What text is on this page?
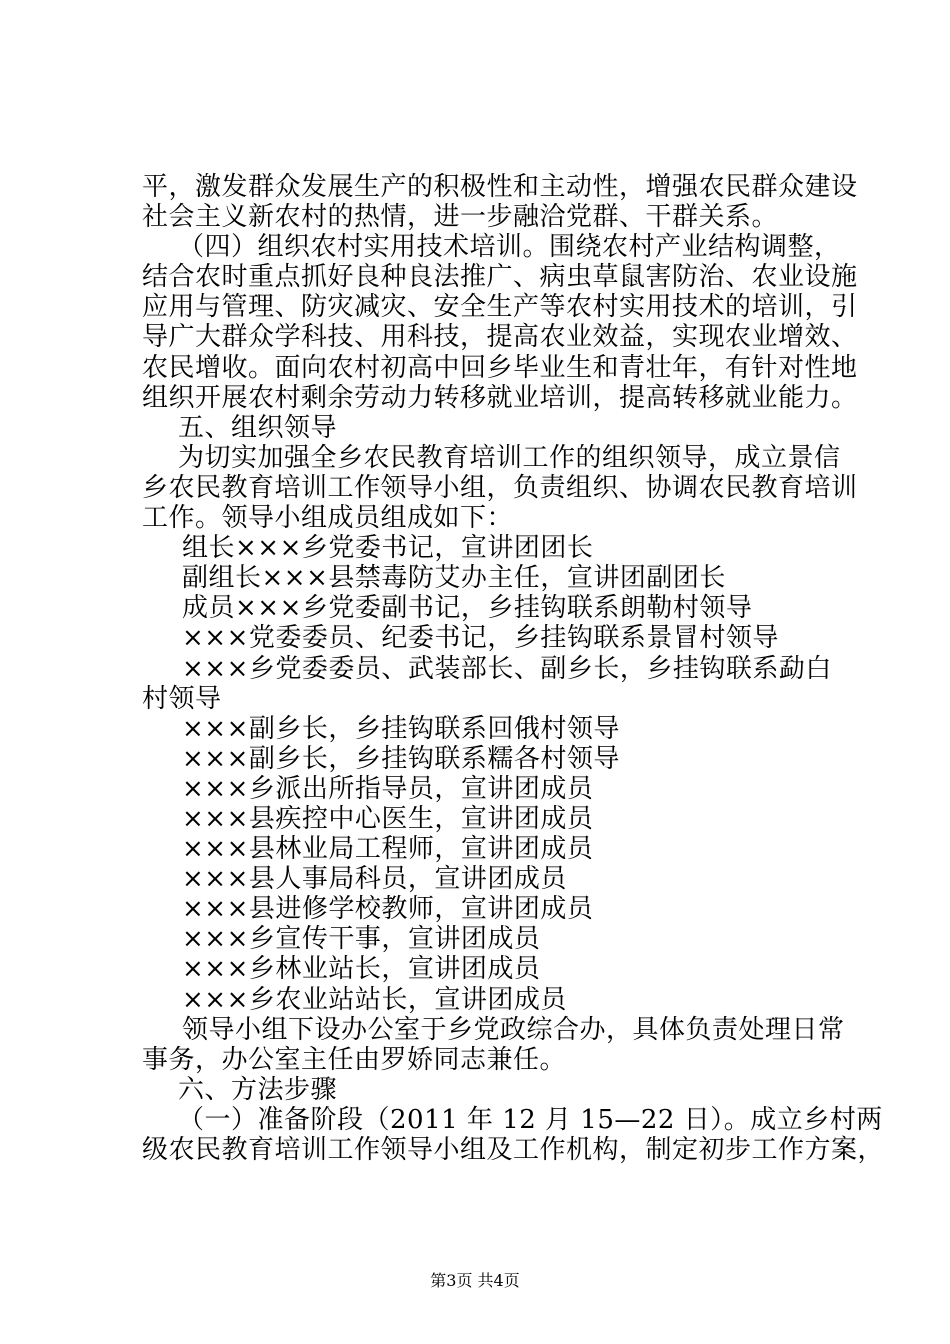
平，激发群众发展生产的积极性和主动性，增强农民群众建设
社会主义新农村的热情，进一步融洽党群、干群关系。
（四）组织农村实用技术培训。围绕农村产业结构调整，
结合农时重点抓好良种良法推广、病虫草鼠害防治、农业设施
应用与管理、防灾减灾、安全生产等农村实用技术的培训，引
导广大群众学科技、用科技，提高农业效益，实现农业增效、
农民增收。面向农村初高中回乡毕业生和青壮年，有针对性地
组织开展农村剩余劳动力转移就业培训，提高转移就业能力。
五、组织领导
为切实加强全乡农民教育培训工作的组织领导，成立景信
乡农民教育培训工作领导小组，负责组织、协调农民教育培训
工作。领导小组成员组成如下：
组长×××乡党委书记，宣讲团团长
副组长×××县禁毒防艾办主任，宣讲团副团长
成员×××乡党委副书记，乡挂钩联系朗勒村领导
×××党委委员、纪委书记，乡挂钩联系景冒村领导
×××乡党委委员、武装部长、副乡长，乡挂钩联系勐白
村领导
×××副乡长，乡挂钩联系回俄村领导
×××副乡长，乡挂钩联系糯各村领导
×××乡派出所指导员，宣讲团成员
×××县疾控中心医生，宣讲团成员
×××县林业局工程师，宣讲团成员
×××县人事局科员，宣讲团成员
×××县进修学校教师，宣讲团成员
×××乡宣传干事，宣讲团成员
×××乡林业站长，宣讲团成员
×××乡农业站站长，宣讲团成员
领导小组下设办公室于乡党政综合办，具体负责处理日常
事务，办公室主任由罗娇同志兼任。
六、方法步骤
（一）准备阶段（2011 年 12 月 15—22 日）。成立乡村两
级农民教育培训工作领导小组及工作机构，制定初步工作方案，
第3页 共4页
